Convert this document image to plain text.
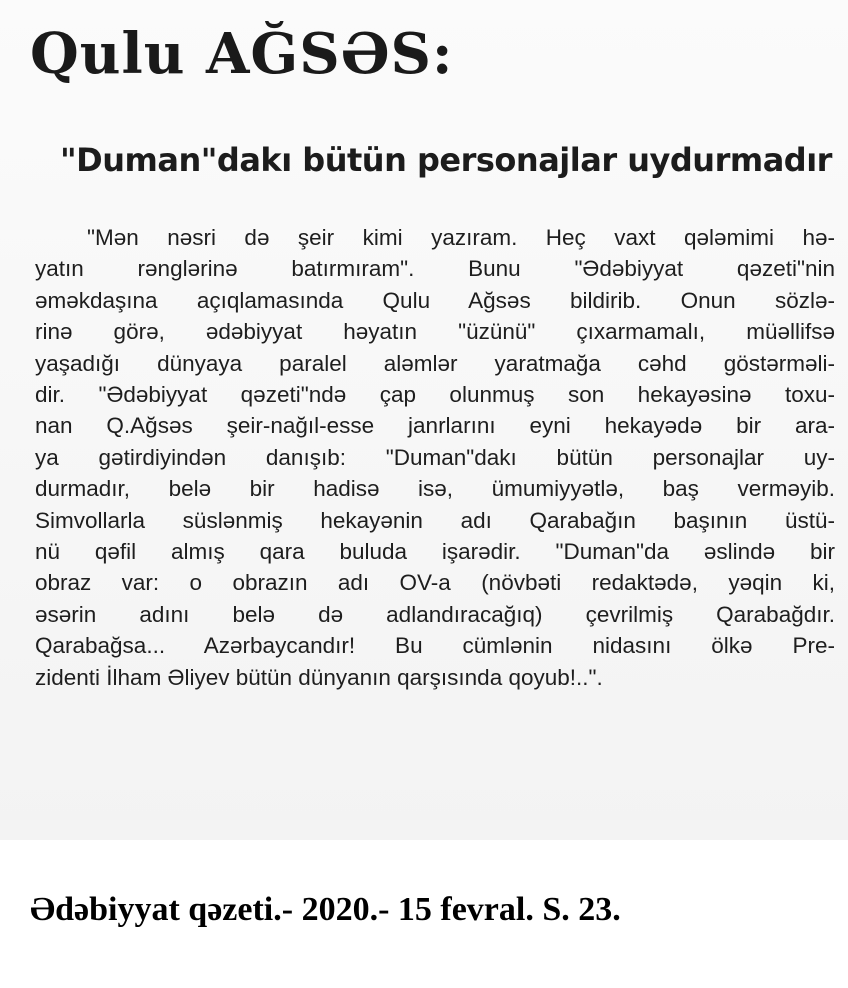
Qulu AĞSƏS:
"Duman"dakı bütün personajlar uydurmadır
"Mən nəsri də şeir kimi yazıram. Heç vaxt qələmimi hə-
yatın rənglərinə batırmıram". Bunu "Ədəbiyyat qəzeti"nin
əməkdaşına açıqlamasında Qulu Ağsəs bildirib. Onun sözlə-
rinə görə, ədəbiyyat həyatın "üzünü" çıxarmamalı, müəllifsə
yaşadığı dünyaya paralel aləmlər yaratmağa cəhd göstərməli-
dir. "Ədəbiyyat qəzeti"ndə çap olunmuş son hekayəsinə toxu-
nan Q.Ağsəs şeir-nağıl-esse janrlarını eyni hekayədə bir ara-
ya gətirdiyindən danışıb: "Duman"dakı bütün personajlar uy-
durmadır, belə bir hadisə isə, ümumiyyətlə, baş verməyib.
Simvollarla süslənmiş hekayənin adı Qarabağın başının üstü-
nü qəfil almış qara buluda işarədir. "Duman"da əslində bir
obraz var: o obrazın adı OV-a (növbəti redaktədə, yəqin ki,
əsərin adını belə də adlandıracağıq) çevrilmiş Qarabağdır.
Qarabağsa... Azərbaycandır! Bu cümlənin nidasını ölkə Pre-
zidenti İlham Əliyev bütün dünyanın qarşısında qoyub!..".
Ədəbiyyat qəzeti.- 2020.- 15 fevral. S. 23.
